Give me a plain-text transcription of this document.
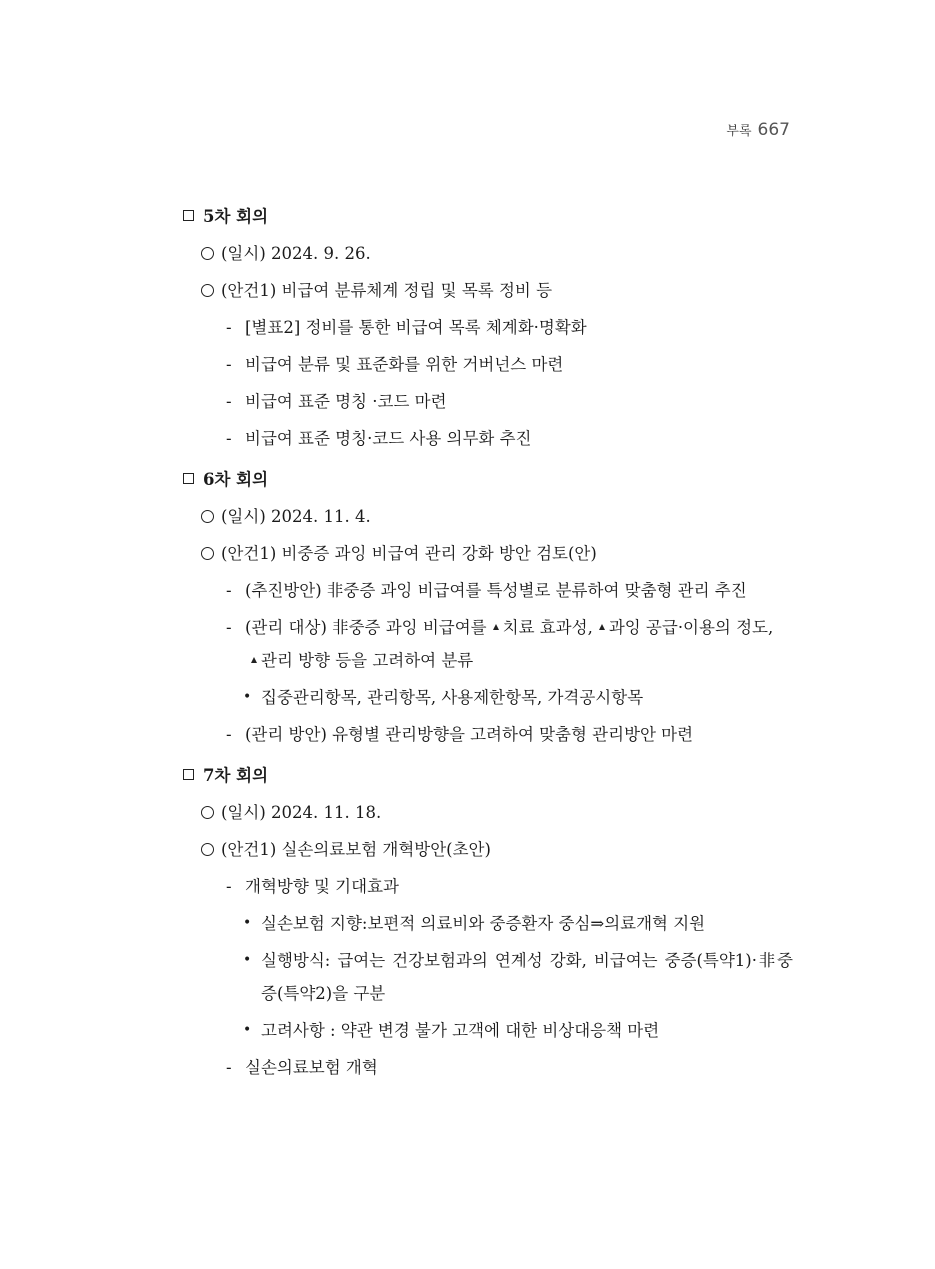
부록 667
5차 회의
(일시) 2024. 9. 26.
(안건1) 비급여 분류체계 정립 및 목록 정비 등
- [별표2] 정비를 통한 비급여 목록 체계화·명확화
- 비급여 분류 및 표준화를 위한 거버넌스 마련
- 비급여 표준 명칭 ·코드 마련
- 비급여 표준 명칭·코드 사용 의무화 추진
6차 회의
(일시) 2024. 11. 4.
(안건1) 비중증 과잉 비급여 관리 강화 방안 검토(안)
- (추진방안) 非중증 과잉 비급여를 특성별로 분류하여 맞춤형 관리 추진
- (관리 대상) 非중증 과잉 비급여를 치료 효과성, 과잉 공급·이용의 정도,
관리 방향 등을 고려하여 분류
• 집중관리항목, 관리항목, 사용제한항목, 가격공시항목
- (관리 방안) 유형별 관리방향을 고려하여 맞춤형 관리방안 마련
7차 회의
(일시) 2024. 11. 18.
(안건1) 실손의료보험 개혁방안(초안)
- 개혁방향 및 기대효과
• 실손보험 지향:보편적 의료비와 중증환자 중심⇒의료개혁 지원
• 실행방식: 급여는 건강보험과의 연계성 강화, 비급여는 중증(특약1)·非중증(특약2)을 구분
• 고려사항 : 약관 변경 불가 고객에 대한 비상대응책 마련
- 실손의료보험 개혁
